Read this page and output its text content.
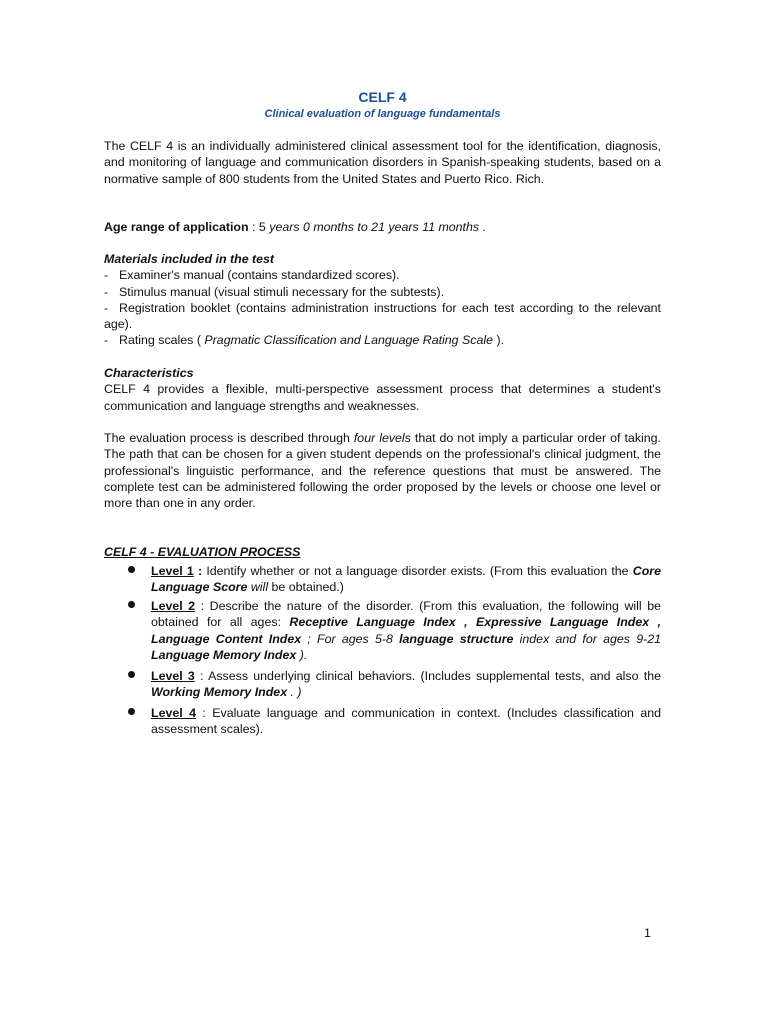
CELF 4
Clinical evaluation of language fundamentals
The CELF 4 is an individually administered clinical assessment tool for the identification, diagnosis, and monitoring of language and communication disorders in Spanish-speaking students, based on a normative sample of 800 students from the United States and Puerto Rico. Rich.
Age range of application : 5 years 0 months to 21 years 11 months .
Materials included in the test
- Examiner's manual (contains standardized scores).
- Stimulus manual (visual stimuli necessary for the subtests).
- Registration booklet (contains administration instructions for each test according to the relevant age).
- Rating scales ( Pragmatic Classification and Language Rating Scale ).
Characteristics
CELF 4 provides a flexible, multi-perspective assessment process that determines a student's communication and language strengths and weaknesses.
The evaluation process is described through four levels that do not imply a particular order of taking. The path that can be chosen for a given student depends on the professional's clinical judgment, the professional's linguistic performance, and the reference questions that must be answered. The complete test can be administered following the order proposed by the levels or choose one level or more than one in any order.
CELF 4 - EVALUATION PROCESS
Level 1 : Identify whether or not a language disorder exists. (From this evaluation the Core Language Score will be obtained.)
Level 2 : Describe the nature of the disorder. (From this evaluation, the following will be obtained for all ages: Receptive Language Index , Expressive Language Index , Language Content Index ; For ages 5-8 language structure index and for ages 9-21 Language Memory Index ).
Level 3 : Assess underlying clinical behaviors. (Includes supplemental tests, and also the Working Memory Index . )
Level 4 : Evaluate language and communication in context. (Includes classification and assessment scales).
1
